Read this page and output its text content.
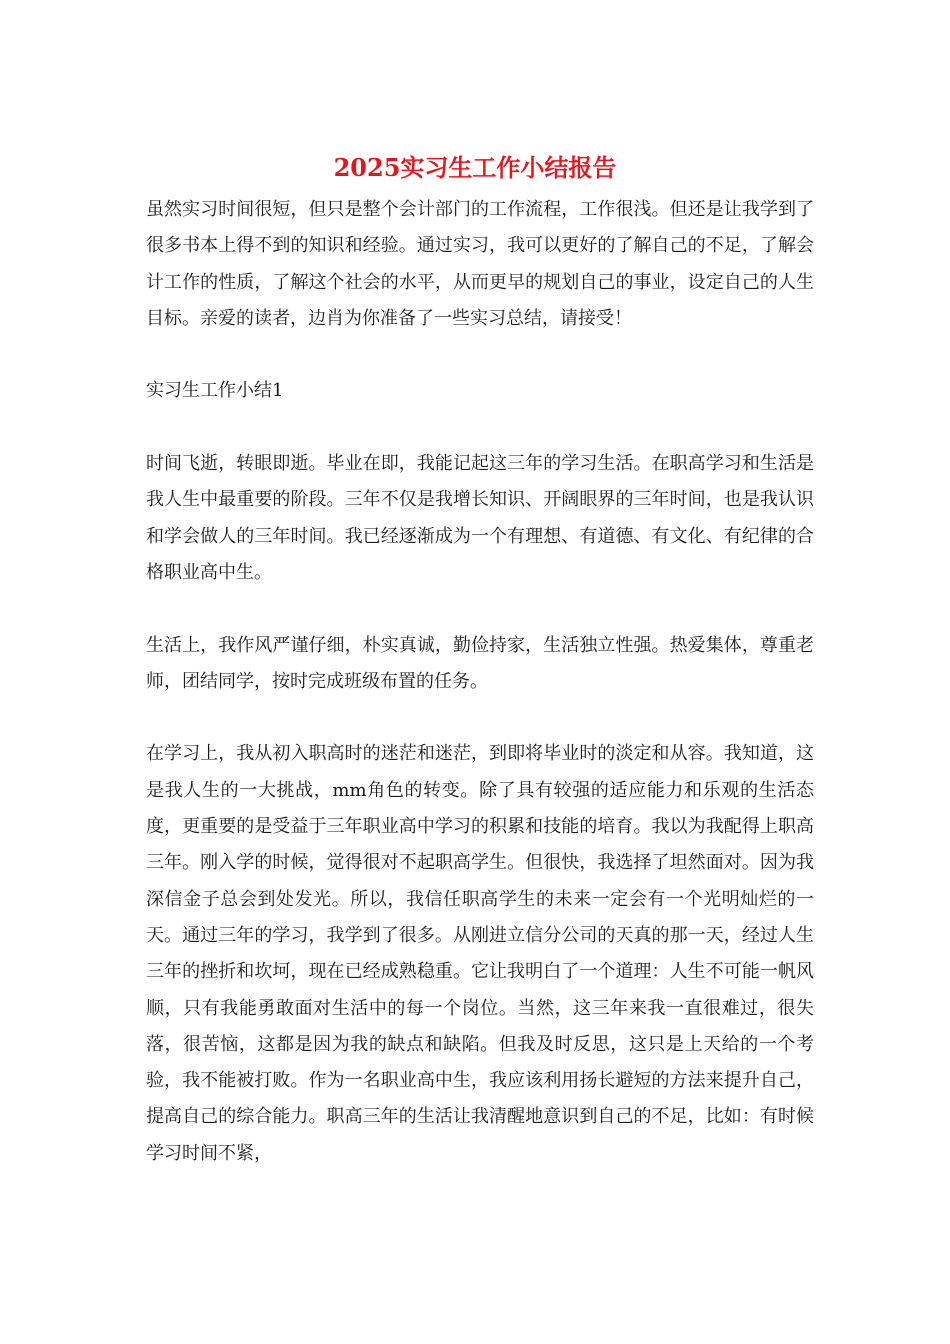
2025实习生工作小结报告

虽然实习时间很短，但只是整个会计部门的工作流程，工作很浅。但还是让我学到了很多书本上得不到的知识和经验。通过实习，我可以更好的了解自己的不足，了解会计工作的性质，了解这个社会的水平，从而更早的规划自己的事业，设定自己的人生目标。亲爱的读者，边肖为你准备了一些实习总结，请接受！

实习生工作小结1

时间飞逝，转眼即逝。毕业在即，我能记起这三年的学习生活。在职高学习和生活是我人生中最重要的阶段。三年不仅是我增长知识、开阔眼界的三年时间，也是我认识和学会做人的三年时间。我已经逐渐成为一个有理想、有道德、有文化、有纪律的合格职业高中生。

生活上，我作风严谨仔细，朴实真诚，勤俭持家，生活独立性强。热爱集体，尊重老师，团结同学，按时完成班级布置的任务。

在学习上，我从初入职高时的迷茫和迷茫，到即将毕业时的淡定和从容。我知道，这是我人生的一大挑战，mm角色的转变。除了具有较强的适应能力和乐观的生活态度，更重要的是受益于三年职业高中学习的积累和技能的培育。我以为我配得上职高三年。刚入学的时候，觉得很对不起职高学生。但很快，我选择了坦然面对。因为我深信金子总会到处发光。所以，我信任职高学生的未来一定会有一个光明灿烂的一天。通过三年的学习，我学到了很多。从刚进立信分公司的天真的那一天，经过人生三年的挫折和坎坷，现在已经成熟稳重。它让我明白了一个道理：人生不可能一帆风顺，只有我能勇敢面对生活中的每一个岗位。当然，这三年来我一直很难过，很失落，很苦恼，这都是因为我的缺点和缺陷。但我及时反思，这只是上天给的一个考验，我不能被打败。作为一名职业高中生，我应该利用扬长避短的方法来提升自己，提高自己的综合能力。职高三年的生活让我清醒地意识到自己的不足，比如：有时候学习时间不紧，
